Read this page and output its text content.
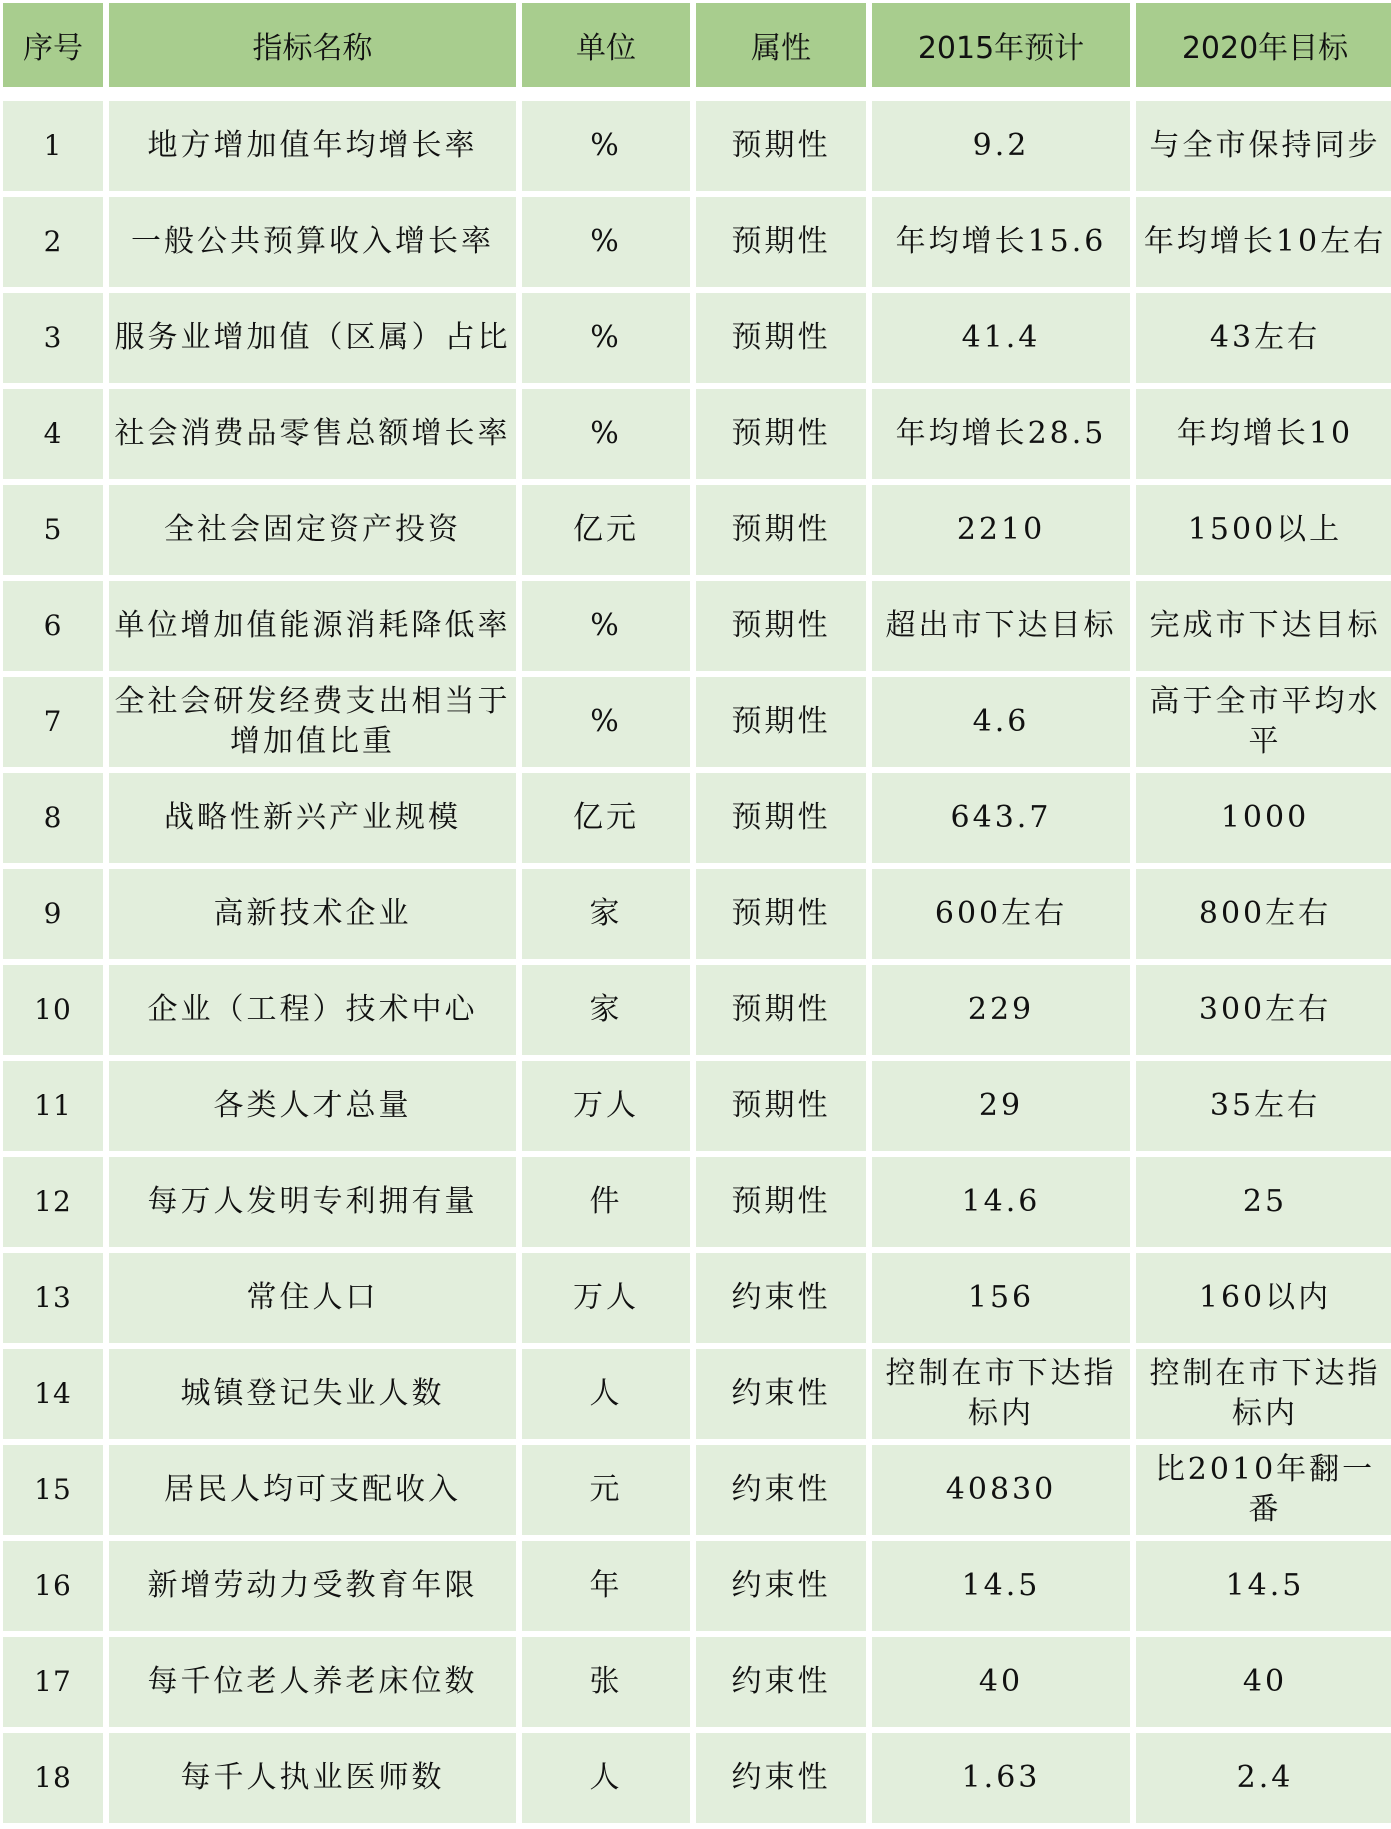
序号	指标名称	单位	属性	2015年预计	2020年目标

1	地方增加值年均增长率	%	预期性	9.2	与全市保持同步
2	一般公共预算收入增长率	%	预期性	年均增长15.6	年均增长10左右
3	服务业增加值（区属）占比	%	预期性	41.4	43左右
4	社会消费品零售总额增长率	%	预期性	年均增长28.5	年均增长10
5	全社会固定资产投资	亿元	预期性	2210	1500以上
6	单位增加值能源消耗降低率	%	预期性	超出市下达目标	完成市下达目标
7	全社会研发经费支出相当于增加值比重	%	预期性	4.6	高于全市平均水平
8	战略性新兴产业规模	亿元	预期性	643.7	1000
9	高新技术企业	家	预期性	600左右	800左右
10	企业（工程）技术中心	家	预期性	229	300左右
11	各类人才总量	万人	预期性	29	35左右
12	每万人发明专利拥有量	件	预期性	14.6	25
13	常住人口	万人	约束性	156	160以内
14	城镇登记失业人数	人	约束性	控制在市下达指标内	控制在市下达指标内
15	居民人均可支配收入	元	约束性	40830	比2010年翻一番
16	新增劳动力受教育年限	年	约束性	14.5	14.5
17	每千位老人养老床位数	张	约束性	40	40
18	每千人执业医师数	人	约束性	1.63	2.4
